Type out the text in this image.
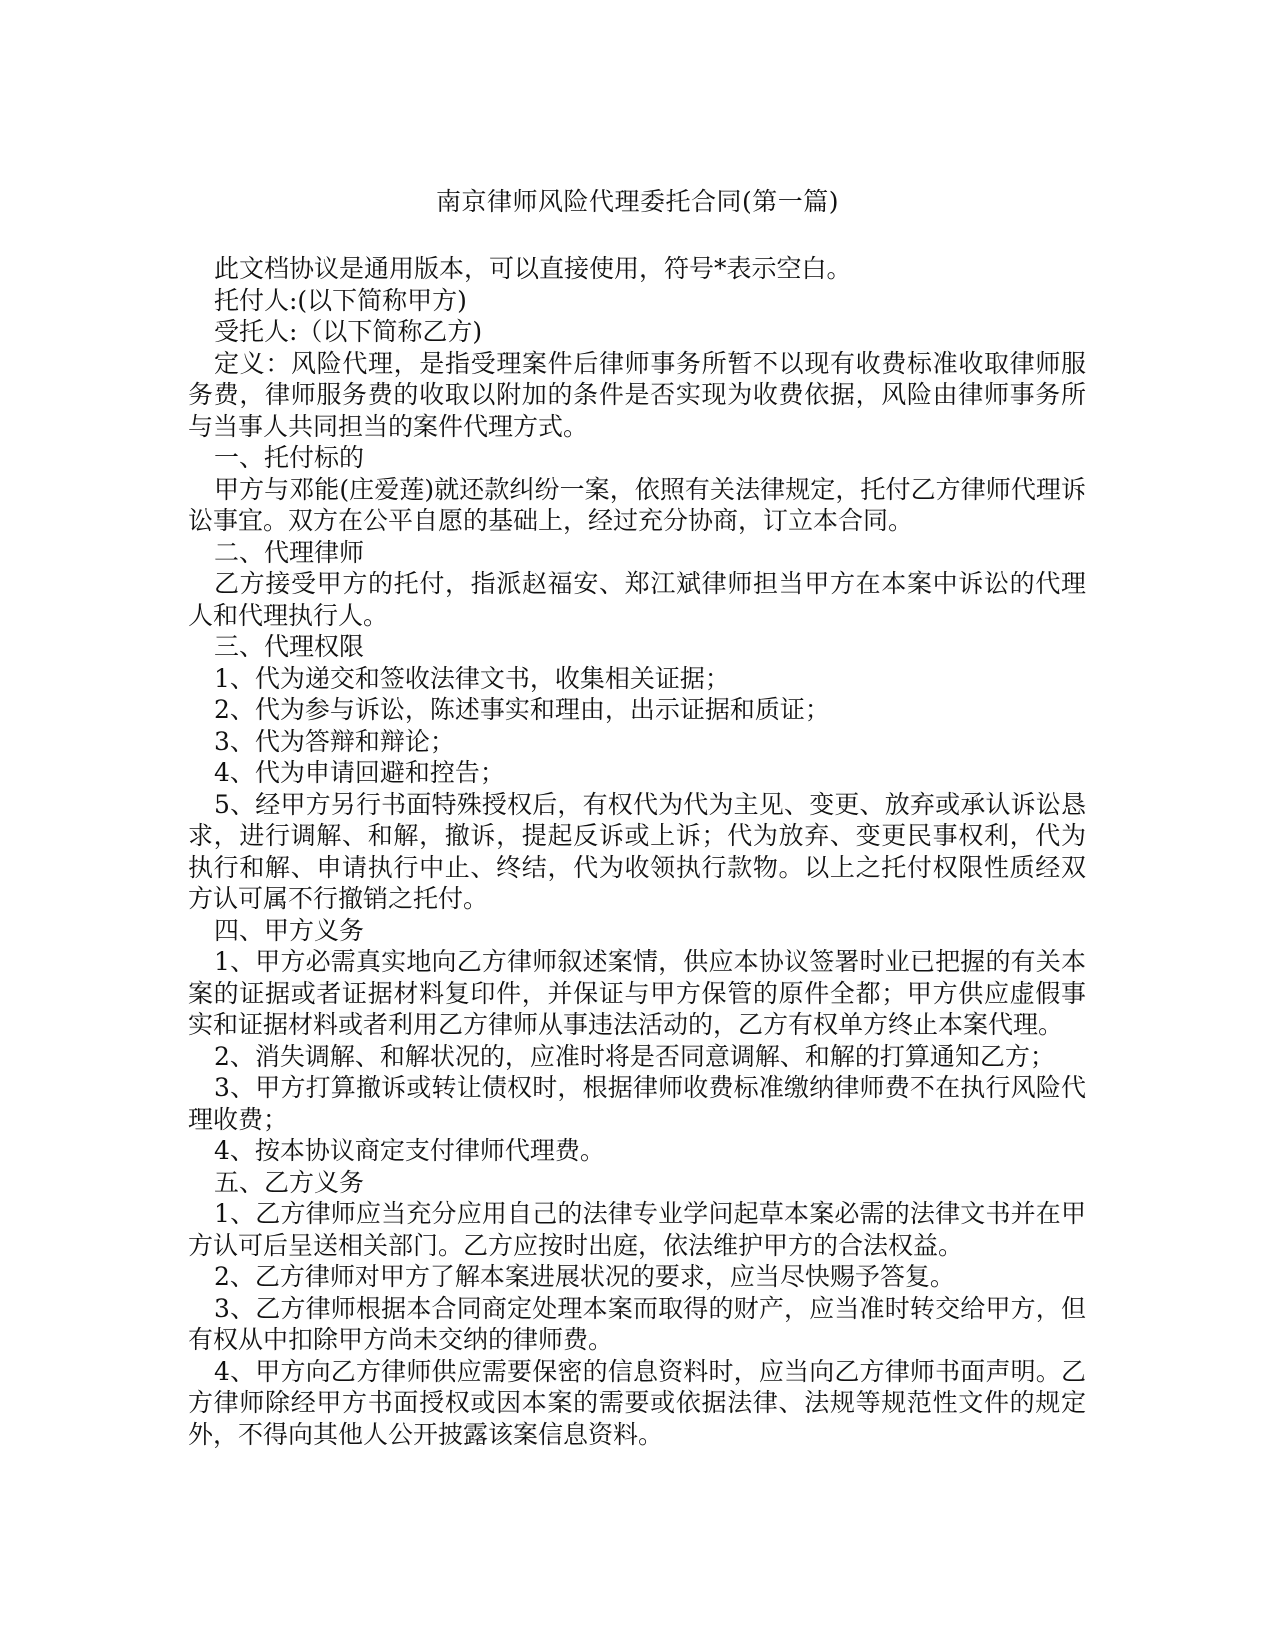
南京律师风险代理委托合同(第一篇)

此文档协议是通用版本，可以直接使用，符号*表示空白。

托付人:(以下简称甲方)

受托人:（以下简称乙方)

定义：风险代理，是指受理案件后律师事务所暂不以现有收费标准收取律师服务费，律师服务费的收取以附加的条件是否实现为收费依据，风险由律师事务所与当事人共同担当的案件代理方式。

一、托付标的

甲方与邓能(庄爱莲)就还款纠纷一案，依照有关法律规定，托付乙方律师代理诉讼事宜。双方在公平自愿的基础上，经过充分协商，订立本合同。

二、代理律师

乙方接受甲方的托付，指派赵福安、郑江斌律师担当甲方在本案中诉讼的代理人和代理执行人。

三、代理权限

1、代为递交和签收法律文书，收集相关证据；

2、代为参与诉讼，陈述事实和理由，出示证据和质证；

3、代为答辩和辩论；

4、代为申请回避和控告；

5、经甲方另行书面特殊授权后，有权代为代为主见、变更、放弃或承认诉讼恳求，进行调解、和解，撤诉，提起反诉或上诉；代为放弃、变更民事权利，代为执行和解、申请执行中止、终结，代为收领执行款物。以上之托付权限性质经双方认可属不行撤销之托付。

四、甲方义务

1、甲方必需真实地向乙方律师叙述案情，供应本协议签署时业已把握的有关本案的证据或者证据材料复印件，并保证与甲方保管的原件全都；甲方供应虚假事实和证据材料或者利用乙方律师从事违法活动的，乙方有权单方终止本案代理。

2、消失调解、和解状况的，应准时将是否同意调解、和解的打算通知乙方；

3、甲方打算撤诉或转让债权时，根据律师收费标准缴纳律师费不在执行风险代理收费；

4、按本协议商定支付律师代理费。

五、乙方义务

1、乙方律师应当充分应用自己的法律专业学问起草本案必需的法律文书并在甲方认可后呈送相关部门。乙方应按时出庭，依法维护甲方的合法权益。

2、乙方律师对甲方了解本案进展状况的要求，应当尽快赐予答复。

3、乙方律师根据本合同商定处理本案而取得的财产，应当准时转交给甲方，但有权从中扣除甲方尚未交纳的律师费。

4、甲方向乙方律师供应需要保密的信息资料时，应当向乙方律师书面声明。乙方律师除经甲方书面授权或因本案的需要或依据法律、法规等规范性文件的规定外，不得向其他人公开披露该案信息资料。
